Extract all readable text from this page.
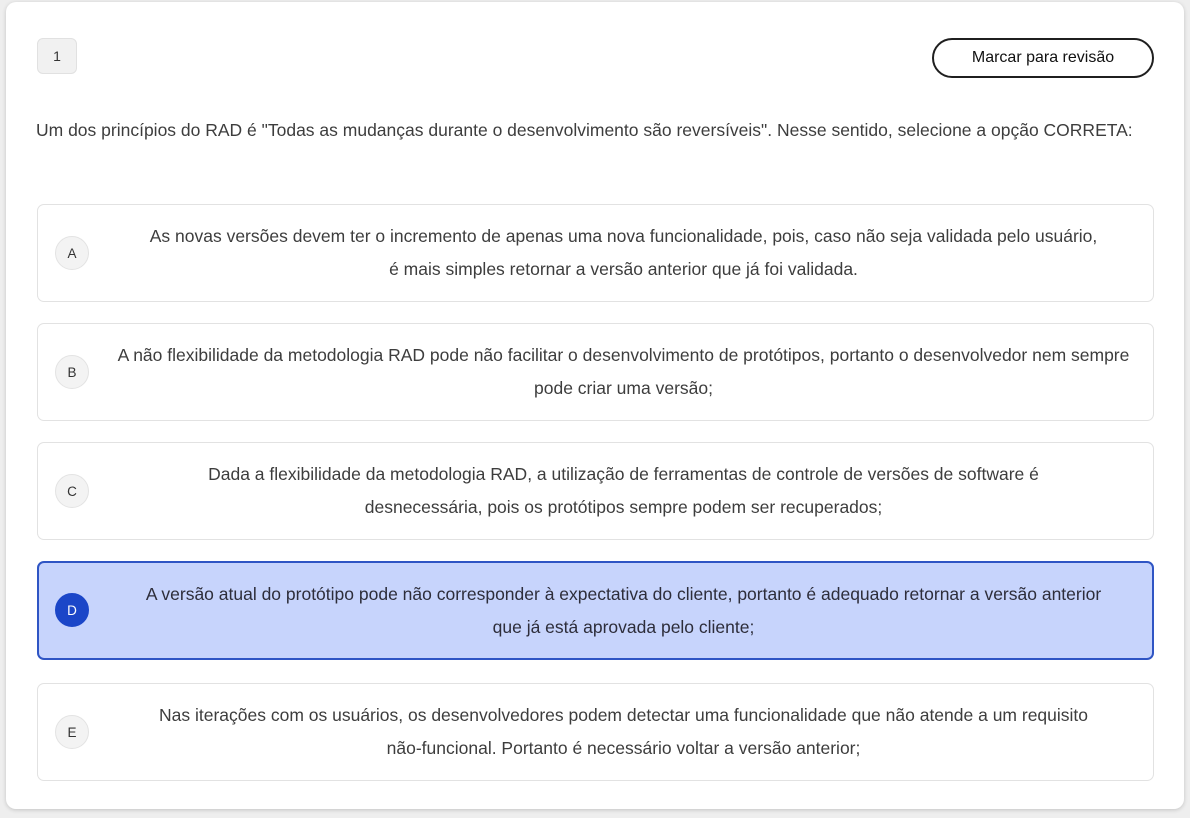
1	Marcar para revisão
Um dos princípios do RAD é "Todas as mudanças durante o desenvolvimento são reversíveis". Nesse sentido, selecione a opção CORRETA:
A
As novas versões devem ter o incremento de apenas uma nova funcionalidade, pois, caso não seja validada pelo usuário, é mais simples retornar a versão anterior que já foi validada.
B
A não flexibilidade da metodologia RAD pode não facilitar o desenvolvimento de protótipos, portanto o desenvolvedor nem sempre pode criar uma versão;
C
Dada a flexibilidade da metodologia RAD, a utilização de ferramentas de controle de versões de software é desnecessária, pois os protótipos sempre podem ser recuperados;
D
A versão atual do protótipo pode não corresponder à expectativa do cliente, portanto é adequado retornar a versão anterior que já está aprovada pelo cliente;
E
Nas iterações com os usuários, os desenvolvedores podem detectar uma funcionalidade que não atende a um requisito não-funcional. Portanto é necessário voltar a versão anterior;
